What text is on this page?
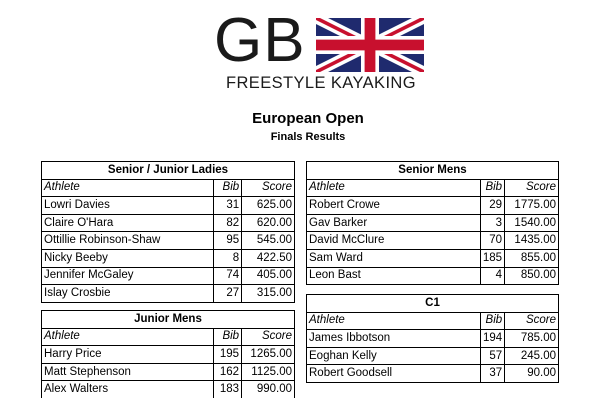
GB
FREESTYLE KAYAKING
European Open
Finals Results
Senior / Junior Ladies		
Athlete	Bib	Score
Lowri Davies	31	625.00
Claire O'Hara	82	620.00
Ottillie Robinson-Shaw	95	545.00
Nicky Beeby	8	422.50
Jennifer McGaley	74	405.00
Islay Crosbie	27	315.00
Senior Mens		
Athlete	Bib	Score
Robert Crowe	29	1775.00
Gav Barker	3	1540.00
David McClure	70	1435.00
Sam Ward	185	855.00
Leon Bast	4	850.00
C1		
Athlete	Bib	Score
James Ibbotson	194	785.00
Eoghan Kelly	57	245.00
Robert Goodsell	37	90.00
Junior Mens		
Athlete	Bib	Score
Harry Price	195	1265.00
Matt Stephenson	162	1125.00
Alex Walters	183	990.00
